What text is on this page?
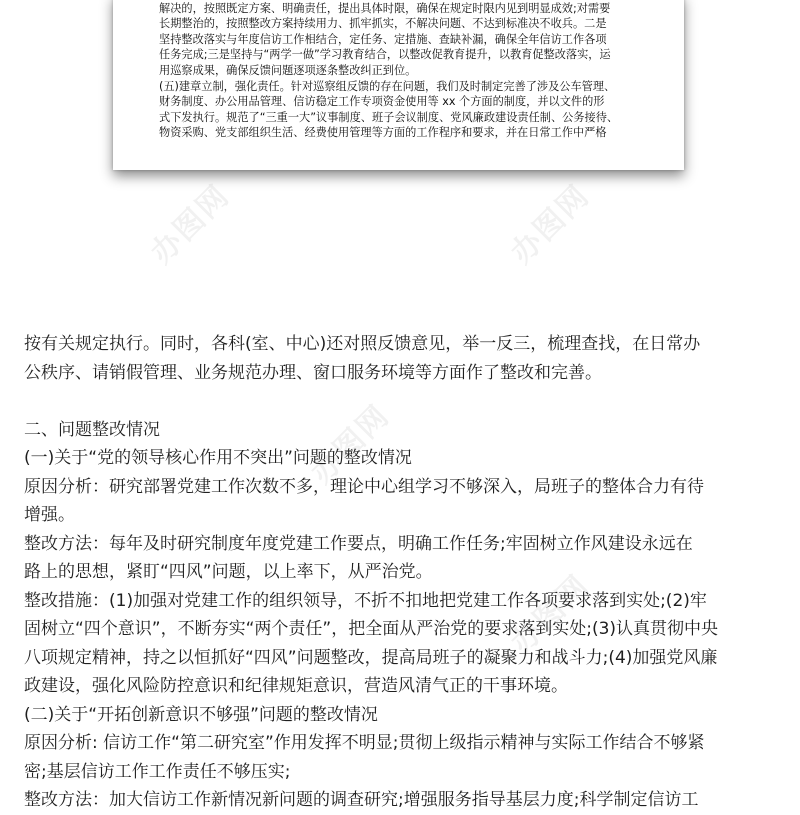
解决的，按照既定方案、明确责任，提出具体时限，确保在规定时限内见到明显成效;对需要

长期整治的，按照整改方案持续用力、抓牢抓实，不解决问题、不达到标准决不收兵。二是

坚持整改落实与年度信访工作相结合，定任务、定措施、查缺补漏，确保全年信访工作各项

任务完成;三是坚持与“两学一做”学习教育结合，以整改促教育提升，以教育促整改落实，运

用巡察成果，确保反馈问题逐项逐条整改纠正到位。

(五)建章立制，强化责任。针对巡察组反馈的存在问题，我们及时制定完善了涉及公车管理、

财务制度、办公用品管理、信访稳定工作专项资金使用等 xx 个方面的制度，并以文件的形

式下发执行。规范了“三重一大”议事制度、班子会议制度、党风廉政建设责任制、公务接待、

物资采购、党支部组织生活、经费使用管理等方面的工作程序和要求，并在日常工作中严格

办图网	办图网
办图网
办图网

按有关规定执行。同时，各科(室、中心)还对照反馈意见，举一反三，梳理查找，在日常办

公秩序、请销假管理、业务规范办理、窗口服务环境等方面作了整改和完善。

二、问题整改情况

(一)关于“党的领导核心作用不突出”问题的整改情况

原因分析：研究部署党建工作次数不多，理论中心组学习不够深入，局班子的整体合力有待

增强。

整改方法：每年及时研究制度年度党建工作要点，明确工作任务;牢固树立作风建设永远在

路上的思想，紧盯“四风”问题，以上率下，从严治党。

整改措施：(1)加强对党建工作的组织领导，不折不扣地把党建工作各项要求落到实处;(2)牢

固树立“四个意识”，不断夯实“两个责任”，把全面从严治党的要求落到实处;(3)认真贯彻中央

八项规定精神，持之以恒抓好“四风”问题整改，提高局班子的凝聚力和战斗力;(4)加强党风廉

政建设，强化风险防控意识和纪律规矩意识，营造风清气正的干事环境。

(二)关于“开拓创新意识不够强”问题的整改情况

原因分析: 信访工作“第二研究室”作用发挥不明显;贯彻上级指示精神与实际工作结合不够紧

密;基层信访工作工作责任不够压实;

整改方法：加大信访工作新情况新问题的调查研究;增强服务指导基层力度;科学制定信访工
